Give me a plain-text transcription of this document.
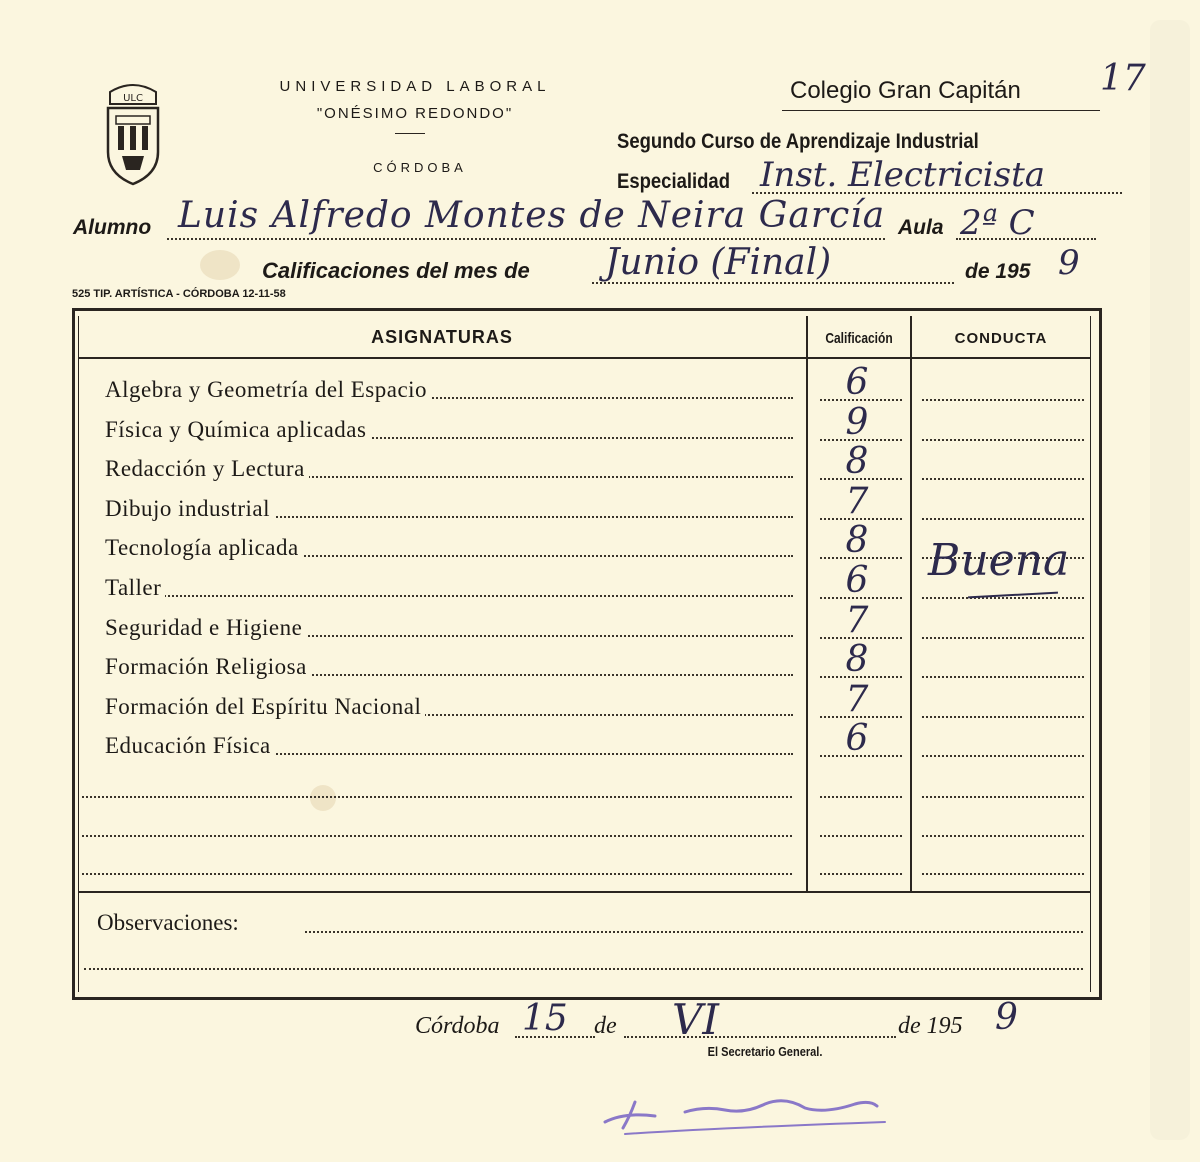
ULC
UNIVERSIDAD LABORAL
"ONÉSIMO REDONDO"
CÓRDOBA
Colegio Gran Capitán 17
Segundo Curso de Aprendizaje Industrial
Especialidad Inst. Electricista
Alumno Luis Alfredo Montes de Neira García Aula 2ª C
Calificaciones del mes de Junio (Final)	de 195 9
525 TIP. ARTÍSTICA - CÓRDOBA 12-11-58
ASIGNATURAS	Calificación	CONDUCTA
Algebra y Geometría del Espacio	6
Física y Química aplicadas	9
Redacción y Lectura	8
Dibujo industrial	7
Tecnología aplicada	8
Taller	6
Seguridad e Higiene	7
Formación Religiosa	8
Formación del Espíritu Nacional	7
Educación Física	6
Buena
Observaciones:
Córdoba 15 de VI	de 195 9
El Secretario General.
